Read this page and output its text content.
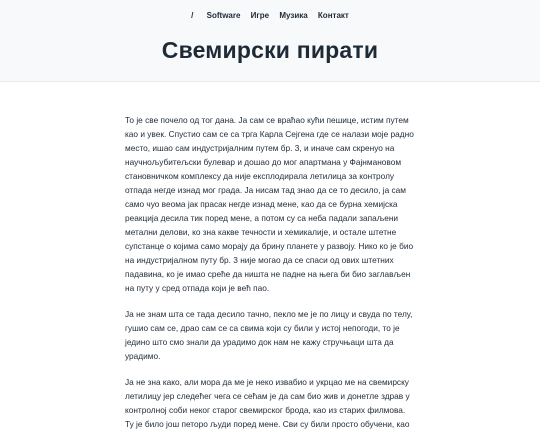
/ Software Игре Музика Контакт
Свемирски пирати

То је све почело од тог дана. Ја сам се враћао кући пешице, истим путем као и увек. Спустио сам се са трга Карла Сејгена где се налази моје радно место, ишао сам индустријалним путем бр. 3, и иначе сам скренуо на научнољубитељски булевар и дошао до мог апартмана у Фајнмановом становничком комплексу да није експлодирала летилица за контролу отпада негде изнад мог града. Ја нисам тад знао да се то десило, ја сам само чуо веома јак прасак негде изнад мене, као да се бурна хемијска реакција десила тик поред мене, а потом су са неба падали запаљени метални делови, ко зна какве течности и хемикалије, и остале штетне супстанце о којима само морају да брину планете у развоју. Нико ко је био на индустријалном путу бр. 3 није могао да се спаси од ових штетних падавина, ко је имао среће да ништа не падне на њега би био заглављен на путу у сред отпада који је већ пао.

Ја не знам шта се тада десило тачно, пекло ме је по лицу и свуда по телу, гушио сам се, драо сам се са свима који су били у истој непогоди, то је једино што смо знали да урадимо док нам не кажу стручњаци шта да урадимо.

Ја не зна како, али мора да ме је неко извабио и укрцао ме на свемирску летилицу јер следећег чега се сећам је да сам био жив и донетле здрав у контролној соби неког старог свемирског брода, као из старих филмова. Ту је било још петоро људи поред мене. Сви су били просто обучени, као
